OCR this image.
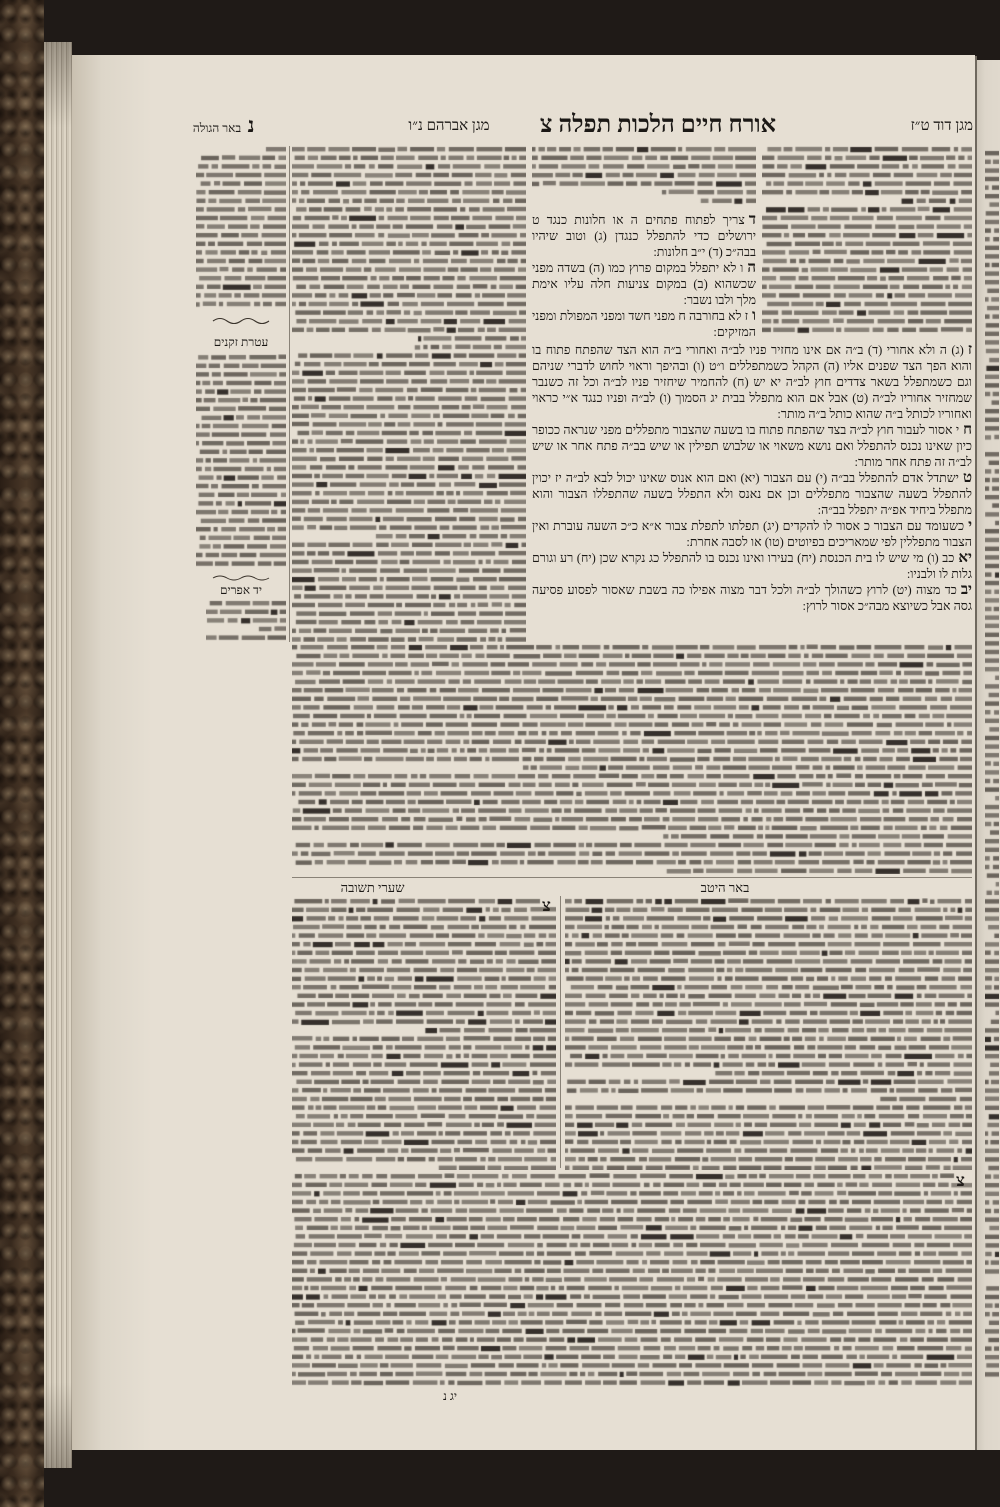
מגן דוד ט״ז
אורח חיים הלכות תפלה צ
מגן אברהם נ״ו
נ
באר הגולה
עטרת זקנים
יד אפרים

דצריך לפתוח פתחים ה או חלונות כנגד ט ירושלים כדי להתפלל כנגדן (ג) וטוב שיהיו בבה״כ (ד) י״ב חלונות:

הו לא יתפלל במקום פרוץ כמו (ה) בשדה מפני שכשהוא (ב) במקום צניעות חלה עליו אימת מלך ולבו נשבר:

וז לא בחורבה ח מפני חשד ומפני המפולת ומפני המזיקים:

ז(ג) ה ולא אחורי (ד) ב״ה אם אינו מחזיר פניו לב״ה ואחורי ב״ה הוא הצד שהפתח פתוח בו והוא הפך הצד שפנים אליו (ה) הקהל כשמתפללים ו״ט (ו) ובהיפך וראוי לחוש לדברי שניהם וגם כשמתפלל בשאר צדדים חוץ לב״ה יא יש (ח) להחמיר שיחזיר פניו לב״ה וכל זה כשנבר שמחזיר אחוריו לב״ה (ט) אבל אם הוא מתפלל בבית יג הסמוך (ו) לב״ה ופניו כנגד א״י כראוי ואחוריו לכותל ב״ה שהוא כותל ב״ה מותר:

חי אסור לעבור חוץ לב״ה בצד שהפתח פתוח בו בשעה שהצבור מתפללים מפני שנראה ככופר כיון שאינו נכנס להתפלל ואם נושא משאוי או שלבוש תפילין או שיש בב״ה פתח אחר או שיש לב״ה זה פתח אחר מותר:

טישתדל אדם להתפלל בב״ה (י) עם הצבור (יא) ואם הוא אנוס שאינו יכול לבא לב״ה יז יכוין להתפלל בשעה שהצבור מתפללים וכן אם נאנס ולא התפלל בשעה שהתפללו הצבור והוא מתפלל ביחיד אפ״ה יתפלל בב״ה:

יכשעומד עם הצבור כ אסור לו להקדים (יג) תפלתו לתפלת צבור א״א כ״כ השעה עוברת ואין הצבור מתפללין לפי שמאריכים בפיוטים (טו) או לסבה אחרת:

יאכב (ו) מי שיש לו בית הכנסת (יח) בעירו ואינו נכנס בו להתפלל כג נקרא שכן (יח) רע וגורם גלות לו ולבניו:

יבכד מצוה (יט) לרוץ כשהולך לב״ה ולכל דבר מצוה אפילו כה בשבת שאסור לפסוע פסיעה גסה אבל כשיוצא מבה״כ אסור לרוץ:

שערי תשובה	באר היטב
יג נ
